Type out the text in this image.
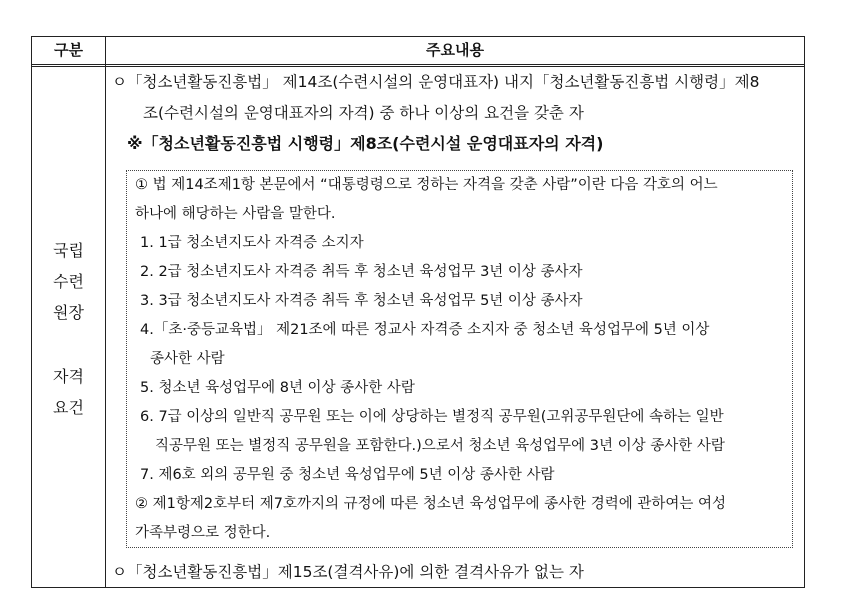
구분	주요내용
국립
수련
원장
자격
요건
ㅇ「청소년활동진흥법」 제14조(수련시설의 운영대표자) 내지「청소년활동진흥법 시행령」제8
조(수련시설의 운영대표자의 자격) 중 하나 이상의 요건을 갖춘 자
※「청소년활동진흥법 시행령」제8조(수련시설 운영대표자의 자격)
① 법 제14조제1항 본문에서 “대통령령으로 정하는 자격을 갖춘 사람”이란 다음 각호의 어느
하나에 해당하는 사람을 말한다.
1. 1급 청소년지도사 자격증 소지자
2. 2급 청소년지도사 자격증 취득 후 청소년 육성업무 3년 이상 종사자
3. 3급 청소년지도사 자격증 취득 후 청소년 육성업무 5년 이상 종사자
4.「초·중등교육법」 제21조에 따른 정교사 자격증 소지자 중 청소년 육성업무에 5년 이상
종사한 사람
5. 청소년 육성업무에 8년 이상 종사한 사람
6. 7급 이상의 일반직 공무원 또는 이에 상당하는 별정직 공무원(고위공무원단에 속하는 일반
직공무원 또는 별정직 공무원을 포함한다.)으로서 청소년 육성업무에 3년 이상 종사한 사람
7. 제6호 외의 공무원 중 청소년 육성업무에 5년 이상 종사한 사람
② 제1항제2호부터 제7호까지의 규정에 따른 청소년 육성업무에 종사한 경력에 관하여는 여성
가족부령으로 정한다.
ㅇ「청소년활동진흥법」제15조(결격사유)에 의한 결격사유가 없는 자
